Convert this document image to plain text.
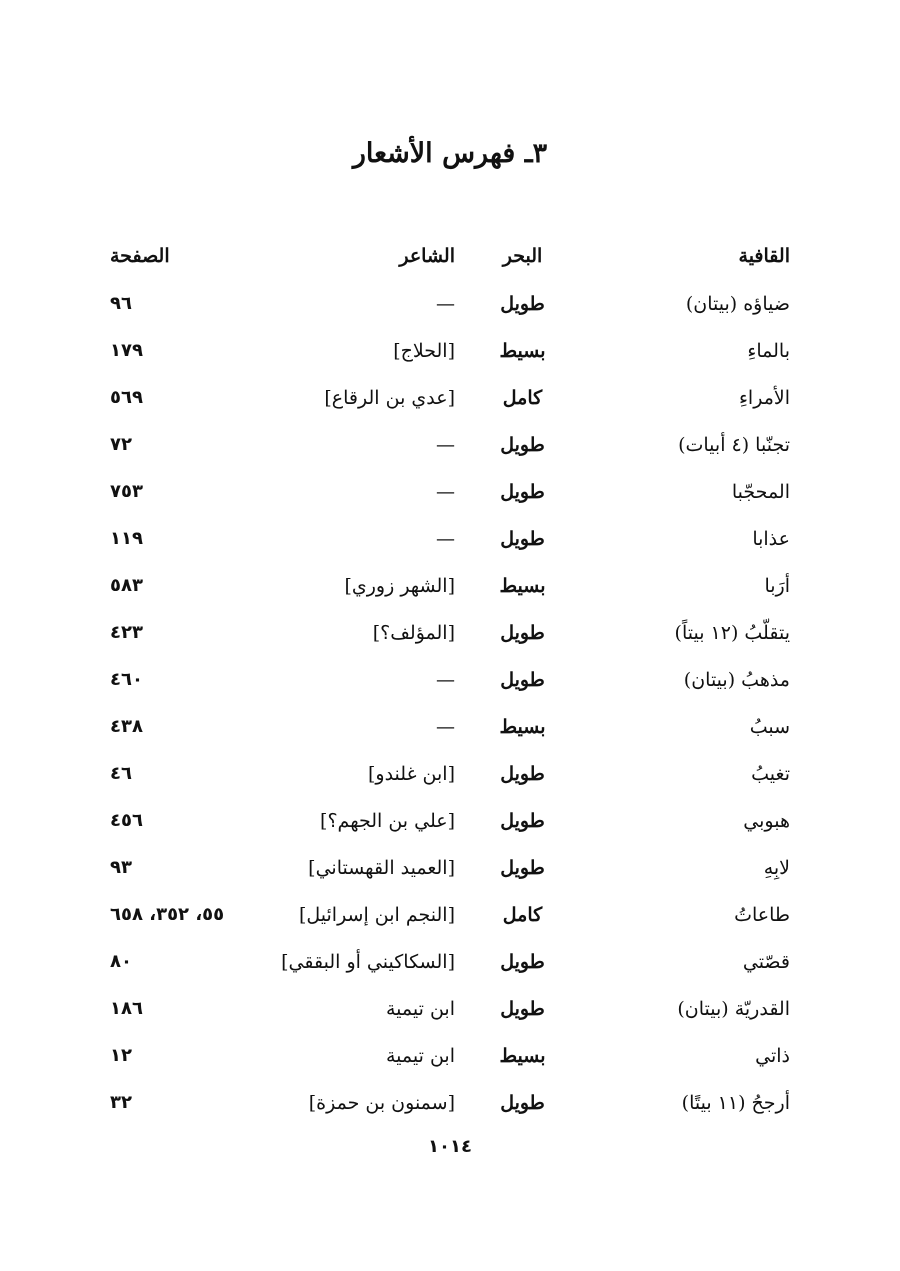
٣ـ فهرس الأشعار
القافية	البحر	الشاعر	الصفحة
ضياؤه (بيتان)	طويل	—	٩٦
بالماءِ	بسيط	[الحلاج]	١٧٩
الأمراءِ	كامل	[عدي بن الرقاع]	٥٦٩
تجنّبا (٤ أبيات)	طويل	—	٧٢
المحجّبا	طويل	—	٧٥٣
عذابا	طويل	—	١١٩
أرَبا	بسيط	[الشهر زوري]	٥٨٣
يتقلّبُ (١٢ بيتاً)	طويل	[المؤلف؟]	٤٢٣
مذهبُ (بيتان)	طويل	—	٤٦٠
سببُ	بسيط	—	٤٣٨
تغيبُ	طويل	[ابن غلندو]	٤٦
هبوبي	طويل	[علي بن الجهم؟]	٤٥٦
لابِهِ	طويل	[العميد القهستاني]	٩٣
طاعاتُ	كامل	[النجم ابن إسرائيل]	٥٥، ٣٥٢، ٦٥٨
قصّتي	طويل	[السكاكيني أو البققي]	٨٠
القدريّة (بيتان)	طويل	ابن تيمية	١٨٦
ذاتي	بسيط	ابن تيمية	١٢
أرجحُ (١١ بيتًا)	طويل	[سمنون بن حمزة]	٣٢
١٠١٤
